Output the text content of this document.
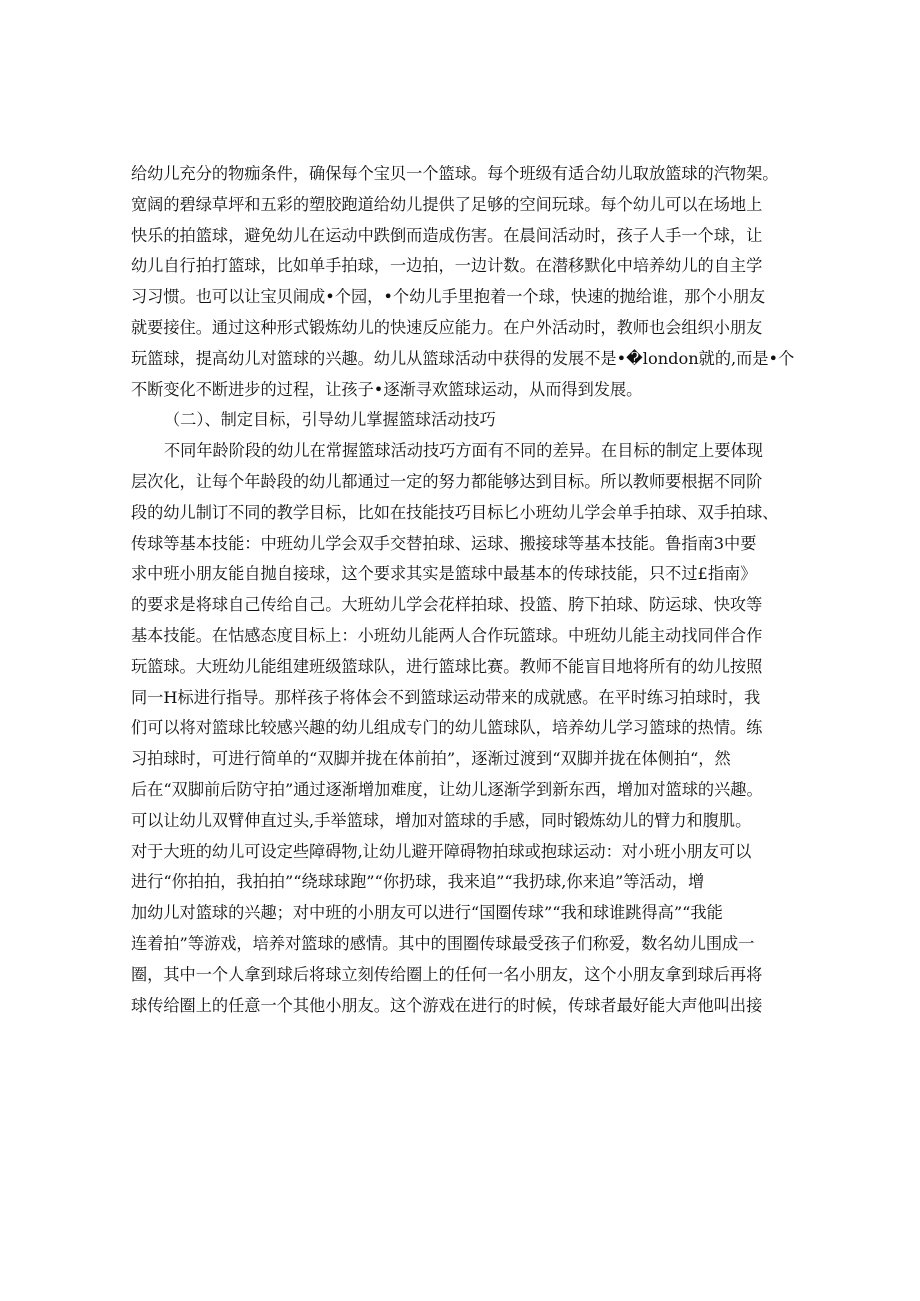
给幼儿充分的物痂条件，确保每个宝贝一个篮球。每个班级有适合幼儿取放篮球的汽物架。
宽阔的碧绿草坪和五彩的塑胶跑道给幼儿提供了足够的空间玩球。每个幼儿可以在场地上
快乐的拍篮球，避免幼儿在运动中跌倒而造成伤害。在晨间活动时，孩子人手一个球，让
幼儿自行拍打篮球，比如单手拍球，一边拍，一边计数。在潜移默化中培养幼儿的自主学
习习惯。也可以让宝贝闹成•个园，•个幼儿手里抱着一个球，快速的抛给谁，那个小朋友
就要接住。通过这种形式锻炼幼儿的快速反应能力。在户外活动时，教师也会组织小朋友
玩篮球，提高幼儿对篮球的兴趣。幼儿从篮球活动中获得的发展不是•�london就的,而是•个
不断变化不断进步的过程，让孩子•逐渐寻欢篮球运动，从而得到发展。
（二）、制定目标，引导幼儿掌握篮球活动技巧
不同年龄阶段的幼儿在常握篮球活动技巧方面有不同的差异。在目标的制定上要体现
层次化，让每个年龄段的幼儿都通过一定的努力都能够达到目标。所以教师要根据不同阶
段的幼儿制订不同的教学目标，比如在技能技巧目标匕小班幼儿学会单手拍球、双手拍球、
传球等基本技能：中班幼儿学会双手交替拍球、运球、搬接球等基本技能。鲁指南3中要
求中班小朋友能自抛自接球，这个要求其实是篮球中最基本的传球技能，只不过£指南》
的要求是将球自己传给自己。大班幼儿学会花样拍球、投篮、胯下拍球、防运球、快攻等
基本技能。在怙感态度目标上：小班幼儿能两人合作玩篮球。中班幼儿能主动找同伴合作
玩篮球。大班幼儿能组建班级篮球队，进行篮球比赛。教师不能盲目地将所有的幼儿按照
同一H标进行指导。那样孩子将体会不到篮球运动带来的成就感。在平时练习拍球时，我
们可以将对篮球比较感兴趣的幼儿组成专门的幼儿篮球队，培养幼儿学习篮球的热情。练
习拍球时，可进行简单的“双脚并拢在体前拍”，逐渐过渡到“双脚并拢在体侧拍“，然
后在“双脚前后防守拍”通过逐渐增加难度，让幼儿逐渐学到新东西，增加对篮球的兴趣。
可以让幼儿双臂伸直过头,手举篮球，增加对篮球的手感，同时锻炼幼儿的臂力和腹肌。
对于大班的幼儿可设定些障碍物,让幼儿避开障碍物拍球或抱球运动：对小班小朋友可以
进行“你拍拍，我拍拍”“绕球球跑”“你扔球，我来追”“我扔球,你来追”等活动，增
加幼儿对篮球的兴趣；对中班的小朋友可以进行“国圈传球”“我和球谁跳得高”“我能
连着拍”等游戏，培养对篮球的感情。其中的围圈传球最受孩子们称爱，数名幼儿围成一
圈，其中一个人拿到球后将球立刻传给圈上的任何一名小朋友，这个小朋友拿到球后再将
球传给圈上的任意一个其他小朋友。这个游戏在进行的时候，传球者最好能大声他叫出接
